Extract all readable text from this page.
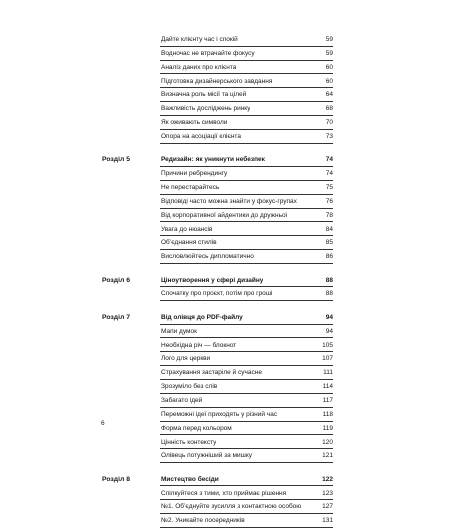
Дайте клієнту час і спокій	59
Водночас не втрачайте фокусу	59
Аналіз даних про клієнта	60
Підготовка дизайнерського завдання	60
Визначна роль місії та цілей	64
Важливість досліджень ринку	68
Як оживають символи	70
Опора на асоціації клієнта	73
Розділ 5	Редизайн: як уникнути небезпек	74
Причини ребрендингу	74
Не перестарайтесь	75
Відповіді часто можна знайти у фокус-групах	76
Від корпоративної айдентики до дружньої	78
Увага до нюансів	84
Об’єднання стилів	85
Висловлюйтесь дипломатично	86
Розділ 6	Ціноутворення у сфері дизайну	88
Спочатку про проєкт, потім про гроші	88
Розділ 7	Від олівця до PDF-файлу	94
Мапи думок	94
Необхідна річ — блокнот	105
Лого для церкви	107
Страхування застаріле й сучасне	111
Зрозуміло без слів	114
Забагато ідей	117
Переможні ідеї приходять у різний час	118
Форма перед кольором	119
Цінність контексту	120
Олівець потужніший за мишку	121
Розділ 8	Мистецтво бесіди	122
Спілкуйтеся з тими, хто приймає рішення	123
№1. Об’єднуйте зусилля з контактною особою	127
№2. Уникайте посередників	131
6
